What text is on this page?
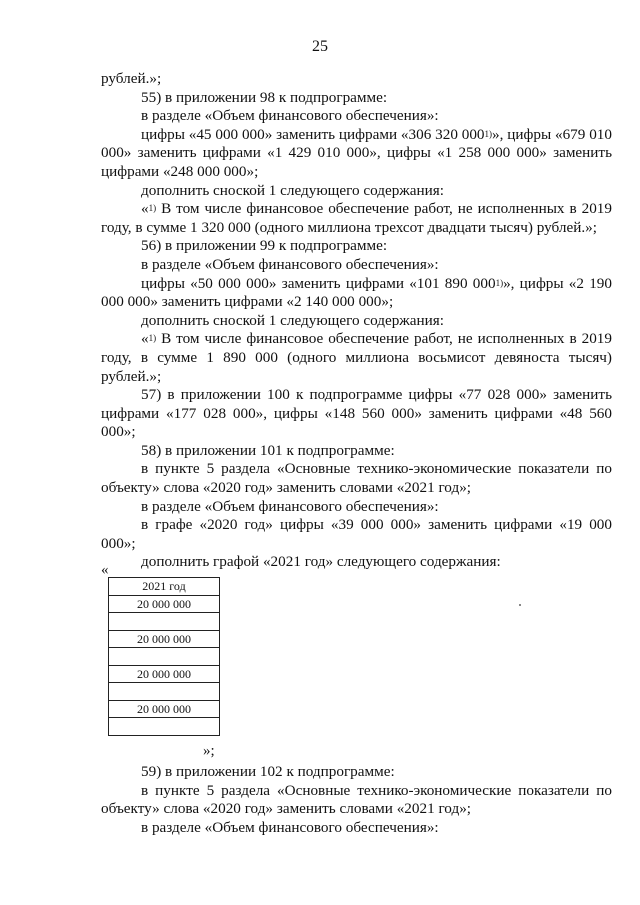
25

рублей.»;

55) в приложении 98 к подпрограмме:

в разделе «Объем финансового обеспечения»:

цифры «45 000 000» заменить цифрами «306 320 000$^{1)}$», цифры «679 010 000» заменить цифрами «1 429 010 000», цифры «1 258 000 000» заменить цифрами «248 000 000»;

дополнить сноской 1 следующего содержания:

«$^{1)}$ В том числе финансовое обеспечение работ, не исполненных в 2019 году, в сумме 1 320 000 (одного миллиона трехсот двадцати тысяч) рублей.»;

56) в приложении 99 к подпрограмме:

в разделе «Объем финансового обеспечения»:

цифры «50 000 000» заменить цифрами «101 890 000$^{1)}$», цифры «2 190 000 000» заменить цифрами «2 140 000 000»;

дополнить сноской 1 следующего содержания:

«$^{1)}$ В том числе финансовое обеспечение работ, не исполненных в 2019 году, в сумме 1 890 000 (одного миллиона восьмисот девяноста тысяч) рублей.»;

57) в приложении 100 к подпрограмме цифры «77 028 000» заменить цифрами «177 028 000», цифры «148 560 000» заменить цифрами «48 560 000»;

58) в приложении 101 к подпрограмме:

в пункте 5 раздела «Основные технико-экономические показатели по объекту» слова «2020 год» заменить словами «2021 год»;

в разделе «Объем финансового обеспечения»:

в графе «2020 год» цифры «39 000 000» заменить цифрами «19 000 000»;

дополнить графой «2021 год» следующего содержания:

«
2021 год
20 000 000

20 000 000

20 000 000

20 000 000

»;

59) в приложении 102 к подпрограмме:

в пункте 5 раздела «Основные технико-экономические показатели по объекту» слова «2020 год» заменить словами «2021 год»;

в разделе «Объем финансового обеспечения»:
